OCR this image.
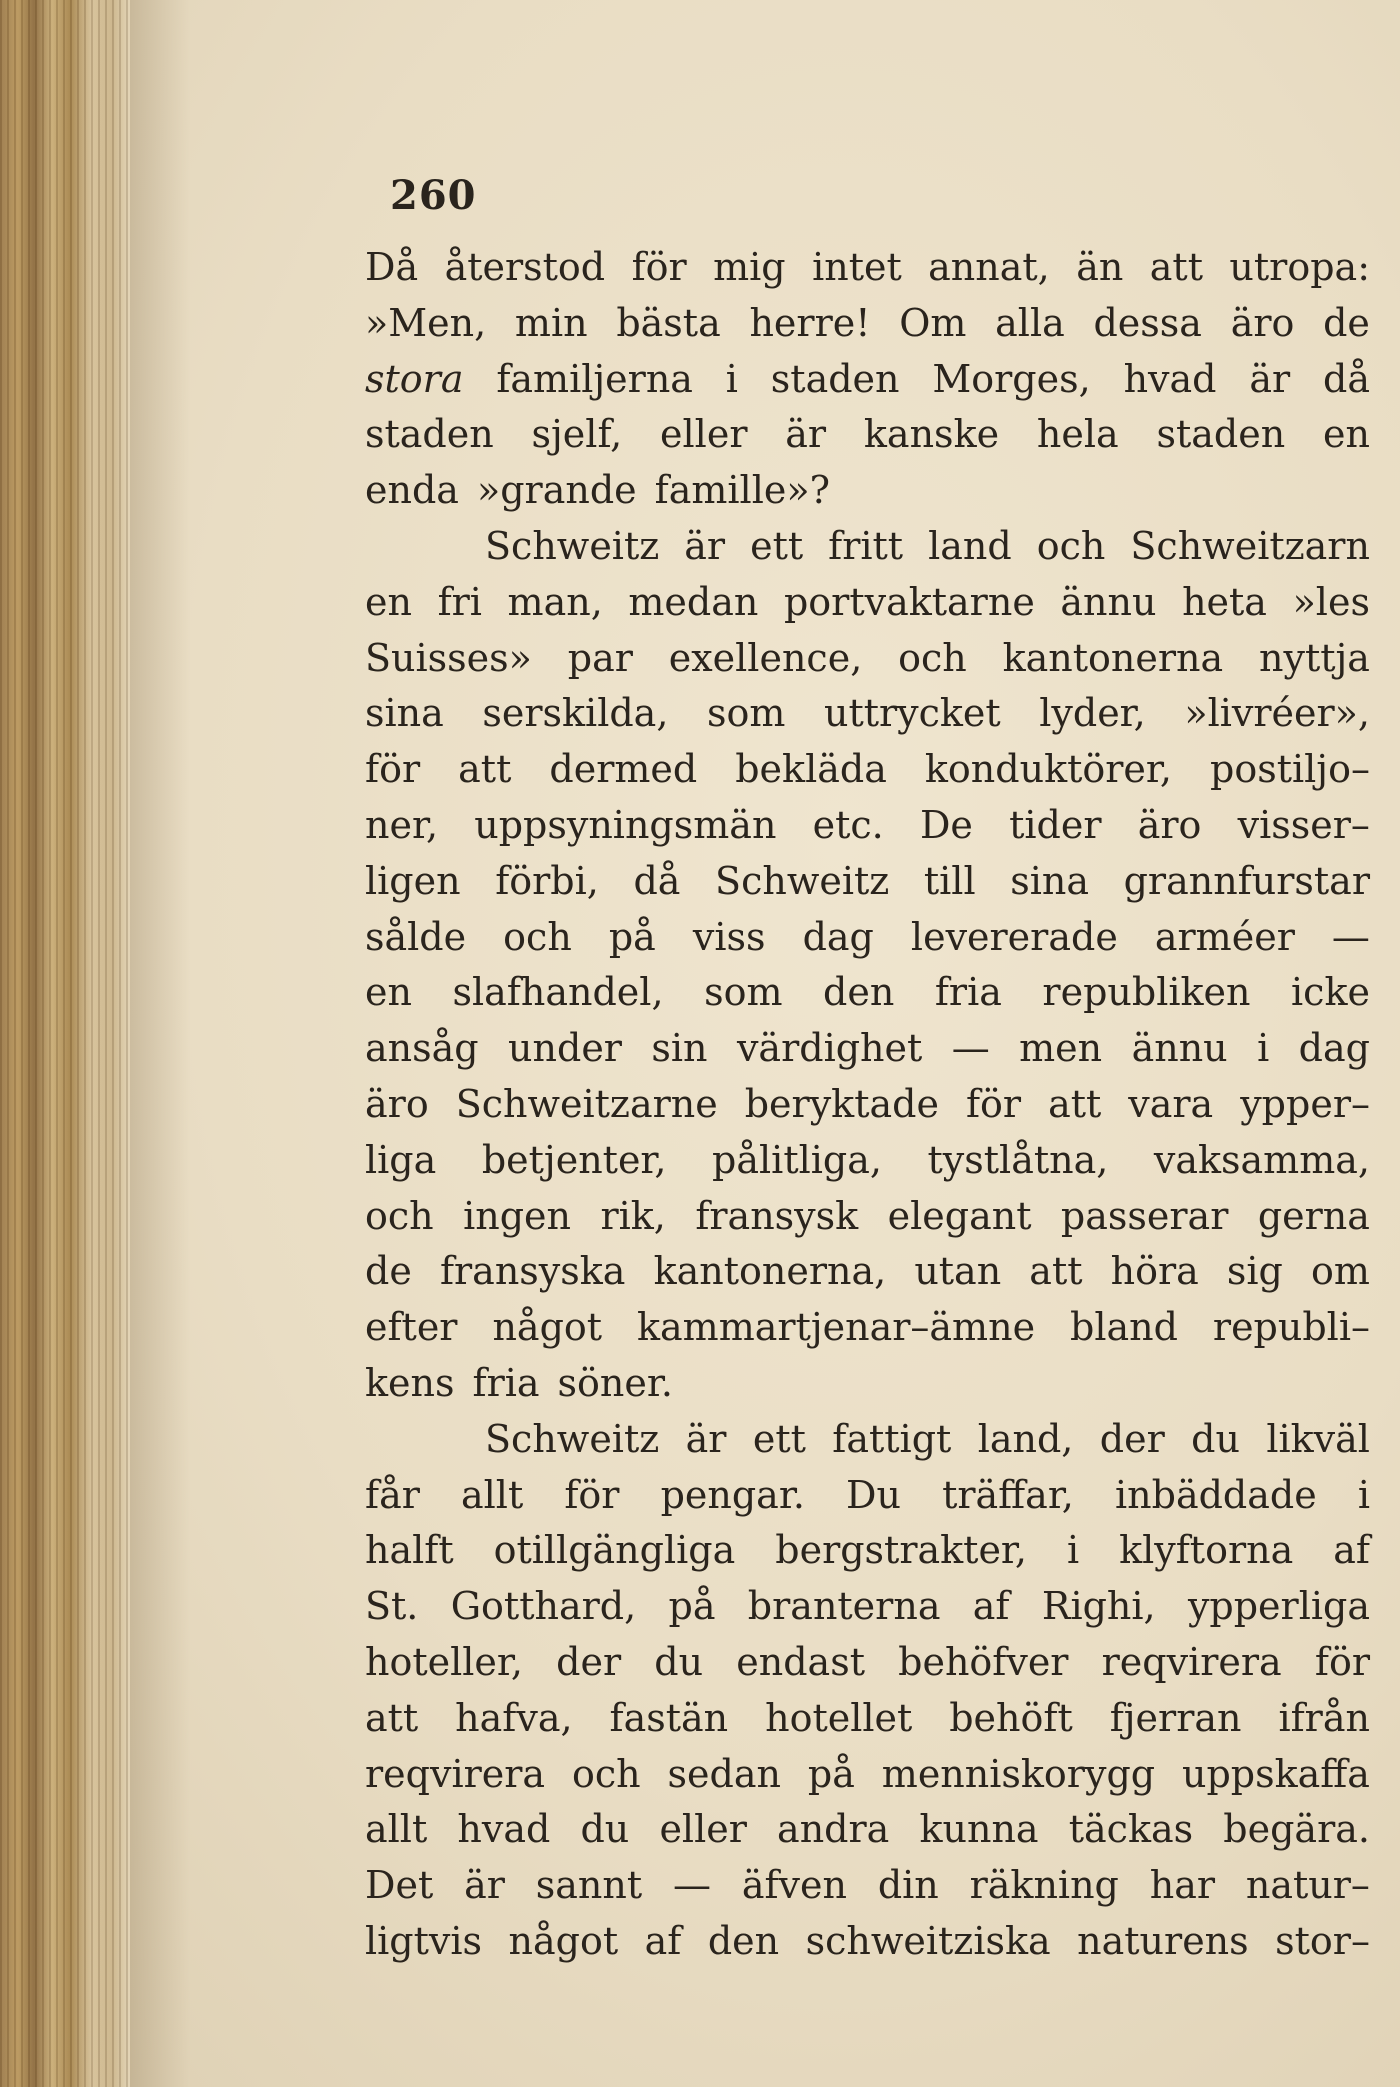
260
Då återstod för mig intet annat, än att utropa:
»Men, min bästa herre! Om alla dessa äro de
stora familjerna i staden Morges, hvad är då
staden sjelf, eller är kanske hela staden en
enda »grande famille»?
Schweitz är ett fritt land och Schweitzarn
en fri man, medan portvaktarne ännu heta »les
Suisses» par exellence, och kantonerna nyttja
sina serskilda, som uttrycket lyder, »livréer»,
för att dermed bekläda konduktörer, postiljo–
ner, uppsyningsmän etc. De tider äro visser–
ligen förbi, då Schweitz till sina grannfurstar
sålde och på viss dag levererade arméer —
en slafhandel, som den fria republiken icke
ansåg under sin värdighet — men ännu i dag
äro Schweitzarne beryktade för att vara ypper–
liga betjenter, pålitliga, tystlåtna, vaksamma,
och ingen rik, fransysk elegant passerar gerna
de fransyska kantonerna, utan att höra sig om
efter något kammartjenar–ämne bland republi–
kens fria söner.
Schweitz är ett fattigt land, der du likväl
får allt för pengar. Du träffar, inbäddade i
halft otillgängliga bergstrakter, i klyftorna af
St. Gotthard, på branterna af Righi, ypperliga
hoteller, der du endast behöfver reqvirera för
att hafva, fastän hotellet behöft fjerran ifrån
reqvirera och sedan på menniskorygg uppskaffa
allt hvad du eller andra kunna täckas begära.
Det är sannt — äfven din räkning har natur–
ligtvis något af den schweitziska naturens stor–
